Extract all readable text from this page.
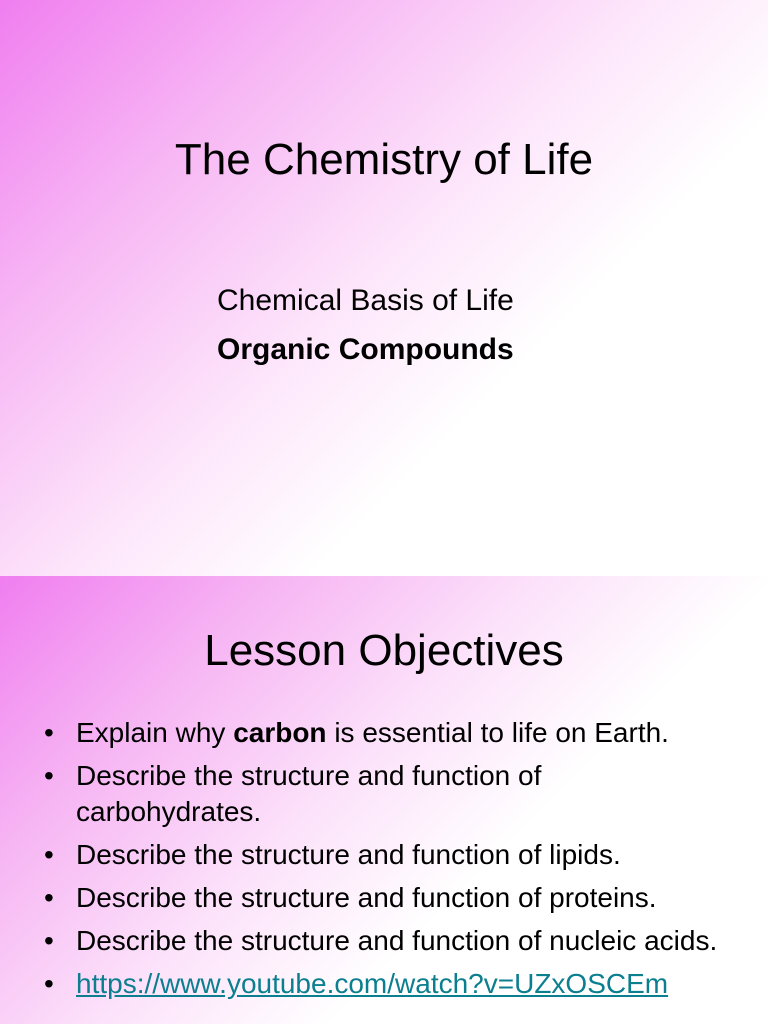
The Chemistry of Life

Chemical Basis of Life

Organic Compounds

Lesson Objectives
• Explain why carbon is essential to life on Earth.
• Describe the structure and function of carbohydrates.
• Describe the structure and function of lipids.
• Describe the structure and function of proteins.
• Describe the structure and function of nucleic acids.
• https://www.youtube.com/watch?v=UZxOSCEm
